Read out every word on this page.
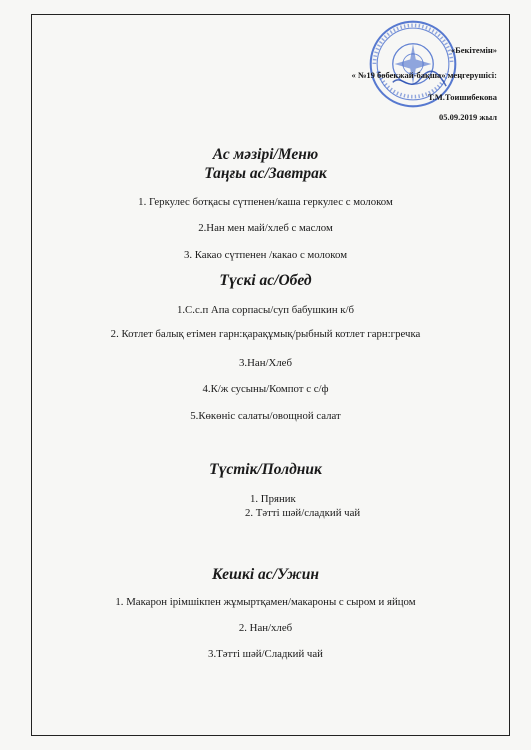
«Бекітемін»
« №19 бөбекжай-бақша» меңгерушісі:
Т.М.Тоишибекова
05.09.2019 жыл
Ас мәзірі/Меню
Таңғы ас/Завтрак
1. Геркулес ботқасы сүтпенен/каша геркулес с молоком
2.Нан мен май/хлеб с маслом
3. Какао сүтпенен /какао с молоком
Түскі ас/Обед
1.С.с.п Апа сорпасы/суп бабушкин к/б
2. Котлет балық етімен гарн:қарақұмық/рыбный котлет гарн:гречка
3.Нан/Хлеб
4.К/ж сусыны/Компот с с/ф
5.Көкөніс салаты/овощной салат
Түстік/Полдник
1. Пряник
2. Тәтті шәй/сладкий чай
Кешкі ас/Ужин
1. Макарон ірімшікпен жұмыртқамен/макароны с сыром и яйцом
2. Нан/хлеб
3.Тәтті шәй/Сладкий чай
